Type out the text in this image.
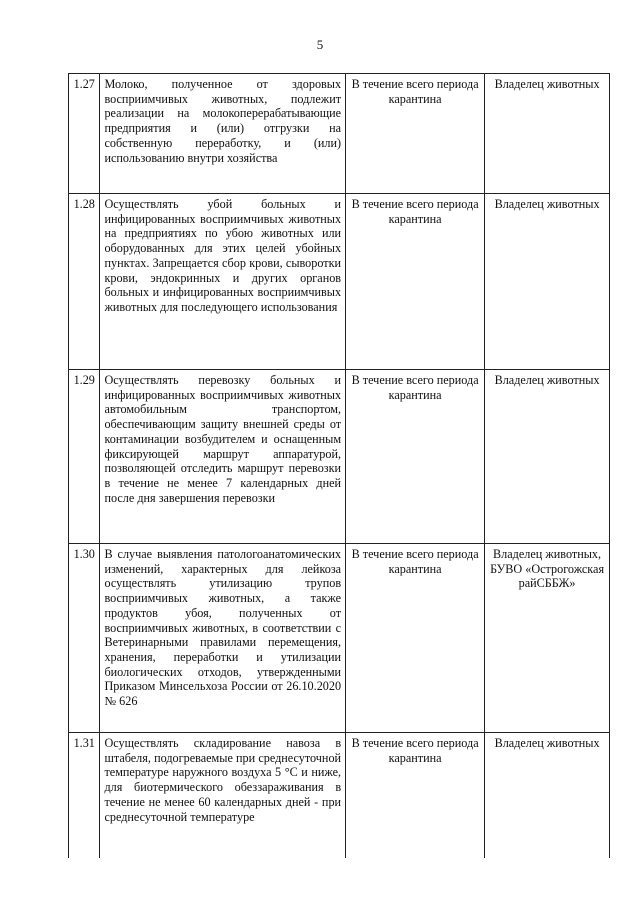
5
1.27	Молоко, полученное от здоровых восприимчивых животных, подлежит реализации на молокоперерабатывающие предприятия и (или) отгрузки на собственную переработку, и (или) использованию внутри хозяйства	В течение всего периода карантина	Владелец животных
1.28	Осуществлять убой больных и инфицированных восприимчивых животных на предприятиях по убою животных или оборудованных для этих целей убойных пунктах. Запрещается сбор крови, сыворотки крови, эндокринных и других органов больных и инфицированных восприимчивых животных для последующего использования	В течение всего периода карантина	Владелец животных
1.29	Осуществлять перевозку больных и инфицированных восприимчивых животных автомобильным транспортом, обеспечивающим защиту внешней среды от контаминации возбудителем и оснащенным фиксирующей маршрут аппаратурой, позволяющей отследить маршрут перевозки в течение не менее 7 календарных дней после дня завершения перевозки	В течение всего периода карантина	Владелец животных
1.30	В случае выявления патологоанатомических изменений, характерных для лейкоза осуществлять утилизацию трупов восприимчивых животных, а также продуктов убоя, полученных от восприимчивых животных, в соответствии с Ветеринарными правилами перемещения, хранения, переработки и утилизации биологических отходов, утвержденными Приказом Минсельхоза России от 26.10.2020 № 626	В течение всего периода карантина	Владелец животных, БУВО «Острогожская райСББЖ»
1.31	Осуществлять складирование навоза в штабеля, подогреваемые при среднесуточной температуре наружного воздуха 5 °С и ниже, для биотермического обеззараживания в течение не менее 60 календарных дней - при среднесуточной температуре	В течение всего периода карантина	Владелец животных
